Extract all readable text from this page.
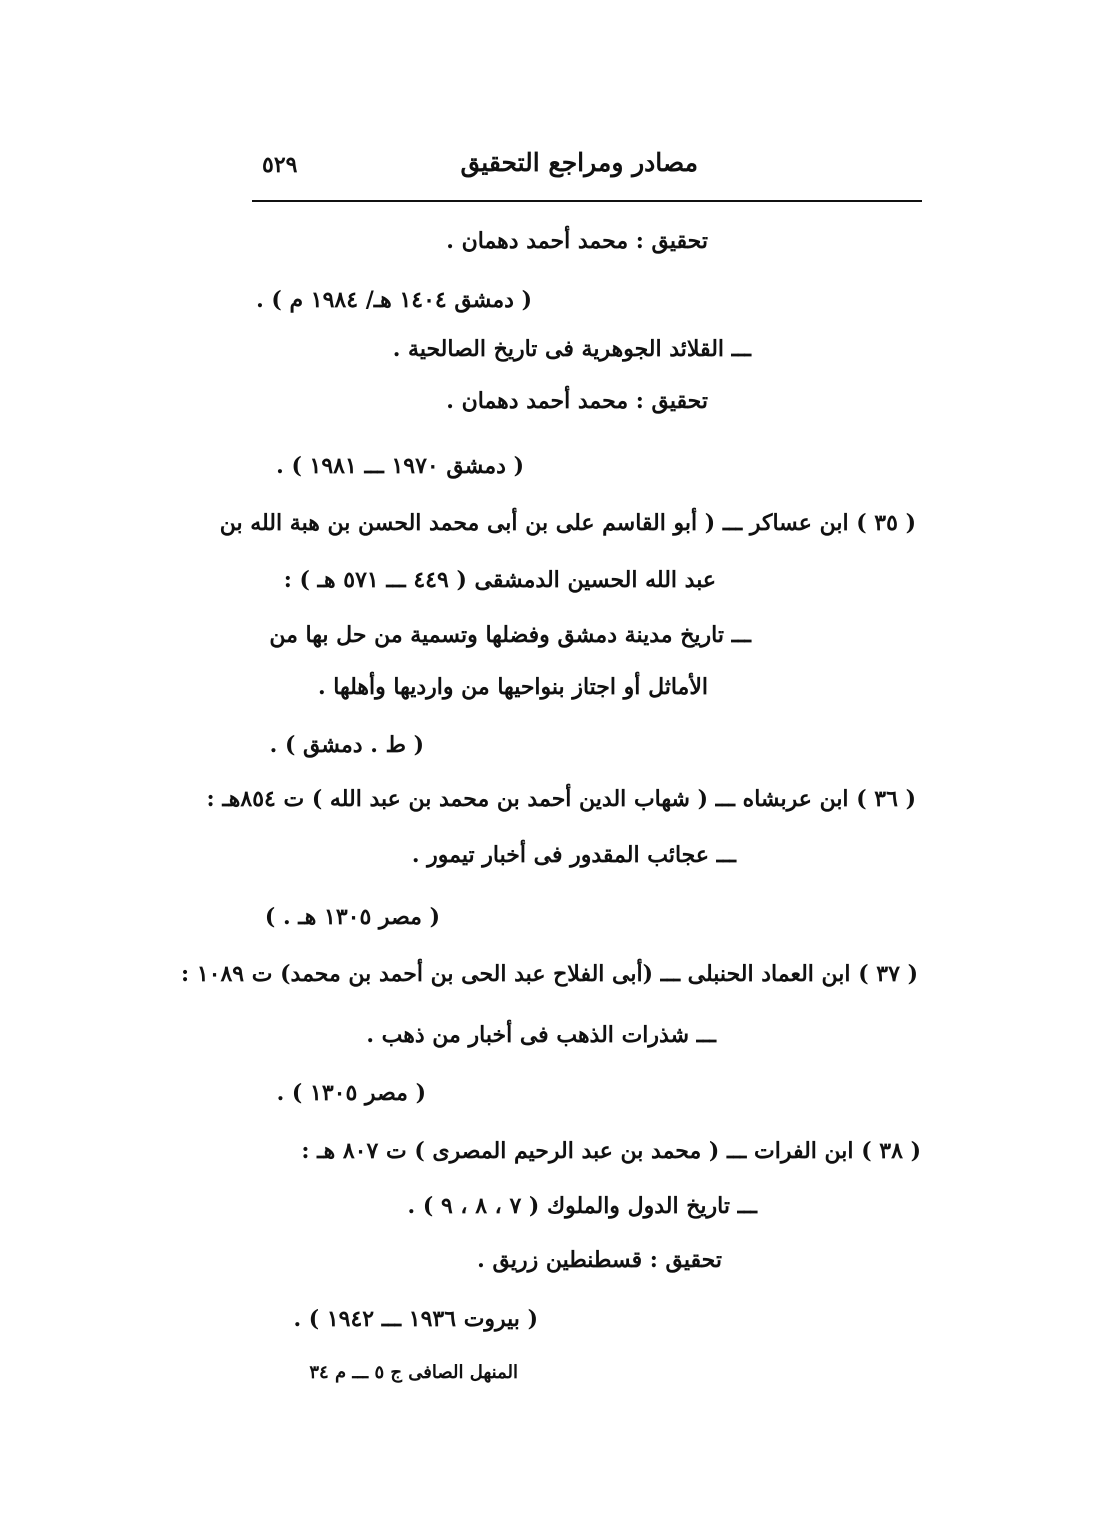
مصادر ومراجع التحقيق
٥٢٩
تحقيق : محمد أحمد دهمان .
( دمشق ١٤٠٤ هـ/ ١٩٨٤ م ) .
ـــ القلائد الجوهرية فى تاريخ الصالحية .
تحقيق : محمد أحمد دهمان .
( دمشق ١٩٧٠ ـــ ١٩٨١ ) .
( ٣٥ ) ابن عساكر ـــ ( أبو القاسم على بن أبى محمد الحسن بن هبة الله بن
عبد الله الحسين الدمشقى ( ٤٤٩ ـــ ٥٧١ هـ ) :
ـــ تاريخ مدينة دمشق وفضلها وتسمية من حل بها من
الأماثل أو اجتاز بنواحيها من وارديها وأهلها .
( ط . دمشق ) .
( ٣٦ ) ابن عربشاه ـــ ( شهاب الدين أحمد بن محمد بن عبد الله ) ت ٨٥٤هـ :
ـــ عجائب المقدور فى أخبار تيمور .
( مصر ١٣٠٥ هـ . )
( ٣٧ ) ابن العماد الحنبلى ـــ (أبى الفلاح عبد الحى بن أحمد بن محمد) ت ١٠٨٩ :
ـــ شذرات الذهب فى أخبار من ذهب .
( مصر ١٣٠٥ ) .
( ٣٨ ) ابن الفرات ـــ ( محمد بن عبد الرحيم المصرى ) ت ٨٠٧ هـ :
ـــ تاريخ الدول والملوك ( ٧ ، ٨ ، ٩ ) .
تحقيق : قسطنطين زريق .
( بيروت ١٩٣٦ ـــ ١٩٤٢ ) .
المنهل الصافى ج ٥ ـــ م ٣٤
